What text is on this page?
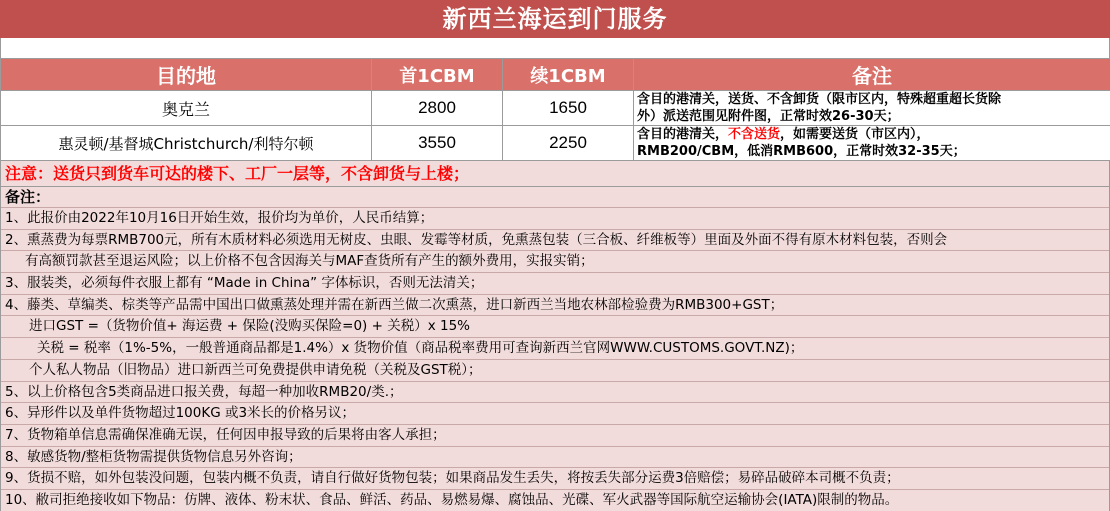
新西兰海运到门服务
目的地	首1CBM	续1CBM	备注
奥克兰	2800	1650	含目的港清关，送货、不含卸货（限市区内，特殊超重超长货除
外）派送范围见附件图，正常时效26-30天；

惠灵顿/基督城Christchurch/利特尔顿	3550	2250	含目的港清关，不含送货，如需要送货（市区内），
RMB200/CBM，低消RMB600，正常时效32-35天；
注意：送货只到货车可达的楼下、工厂一层等，不含卸货与上楼；
备注：
1、此报价由2022年10月16日开始生效，报价均为单价，人民币结算；
2、熏蒸费为每票RMB700元，所有木质材料必须选用无树皮、虫眼、发霉等材质，免熏蒸包装（三合板、纤维板等）里面及外面不得有原木材料包装，否则会
有高额罚款甚至退运风险；以上价格不包含因海关与MAF查货所有产生的额外费用，实报实销；
3、服装类，必须每件衣服上都有 “Made in China” 字体标识，否则无法清关；
4、藤类、草编类、棕类等产品需中国出口做熏蒸处理并需在新西兰做二次熏蒸，进口新西兰当地农林部检验费为RMB300+GST；
进口GST =（货物价值+ 海运费 + 保险(没购买保险=0) + 关税）x 15%
关税 = 税率（1%-5%，一般普通商品都是1.4%）x 货物价值（商品税率费用可查询新西兰官网WWW.CUSTOMS.GOVT.NZ)；
个人私人物品（旧物品）进口新西兰可免费提供申请免税（关税及GST税）；
5、以上价格包含5类商品进口报关费，每超一种加收RMB20/类.；
6、异形件以及单件货物超过100KG 或3米长的价格另议；
7、货物箱单信息需确保准确无误，任何因申报导致的后果将由客人承担；
8、敏感货物/整柜货物需提供货物信息另外咨询；
9、货损不赔，如外包装没问题，包装内概不负责，请自行做好货物包装；如果商品发生丢失，将按丢失部分运费3倍赔偿；易碎品破碎本司概不负责；
10、敝司拒绝接收如下物品：仿牌、液体、粉末状、食品、鲜活、药品、易燃易爆、腐蚀品、光碟、军火武器等国际航空运输协会(IATA)限制的物品。
